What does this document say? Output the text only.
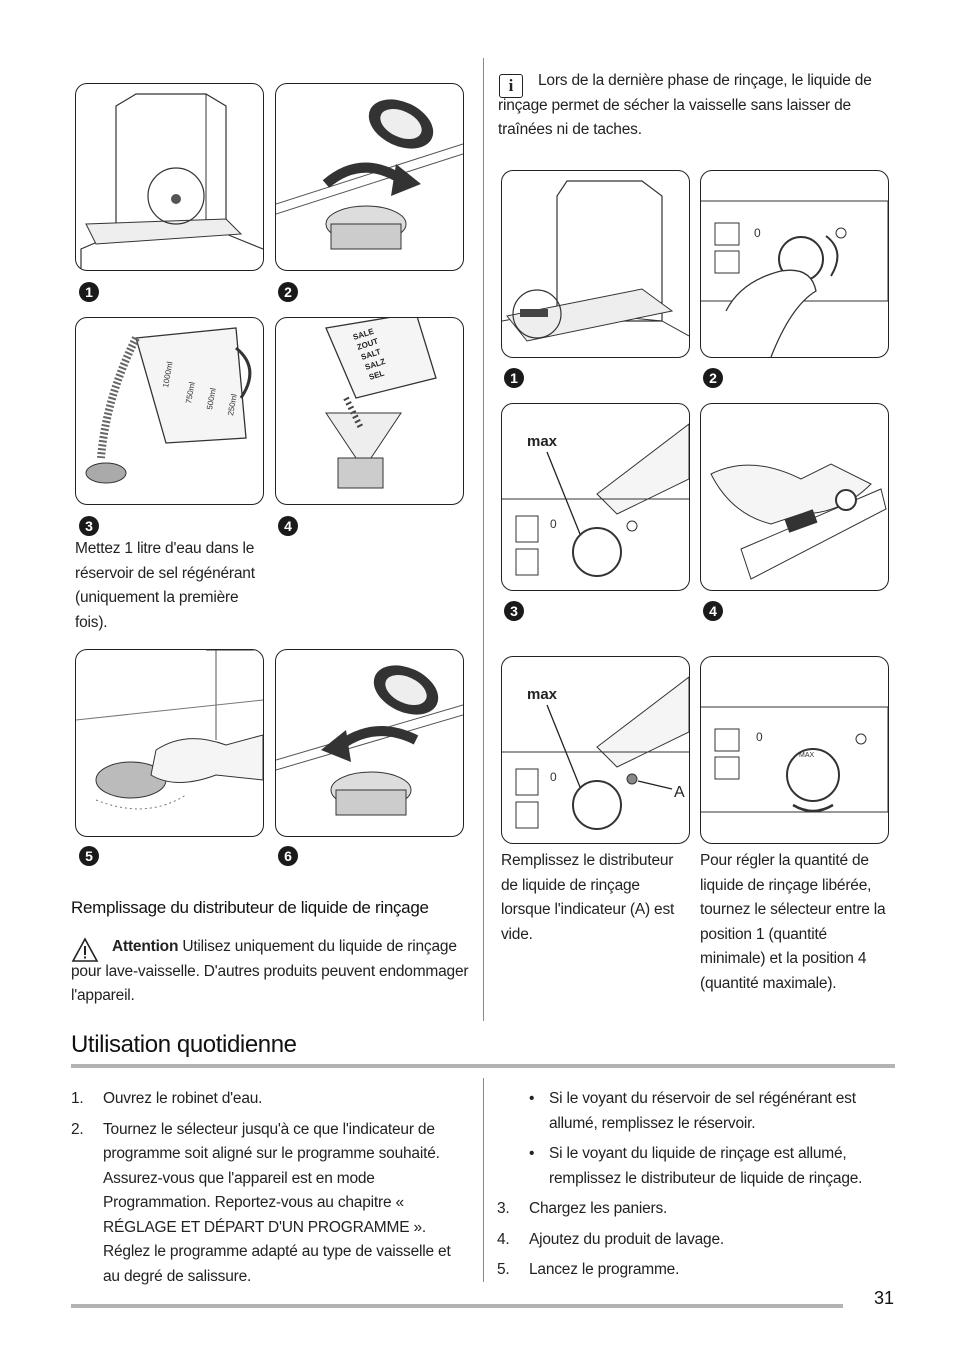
1	2
1000ml
750ml 500ml 250ml
3
SALE
ZOUT
SALT
SALZ
SEL
4
Mettez 1 litre d'eau dans le réservoir de sel régénérant (uniquement la première fois).
5	6
Remplissage du distributeur de liquide de rinçage
Attention Utilisez uniquement du liquide de rinçage pour lave-vaisselle. D'autres produits peuvent endommager l'appareil.
i	Lors de la dernière phase de rinçage, le liquide de rinçage permet de sécher la vaisselle sans laisser de traînées ni de taches.
1
0
2
max
0
3	4
max
0
A
0
MAX
Remplissez le distributeur de liquide de rinçage lorsque l'indicateur (A) est vide.
Pour régler la quantité de liquide de rinçage libérée, tournez le sélecteur entre la position 1 (quantité minimale) et la position 4 (quantité maximale).
Utilisation quotidienne
1. Ouvrez le robinet d'eau.
2. Tournez le sélecteur jusqu'à ce que l'indicateur de programme soit aligné sur le programme souhaité. Assurez-vous que l'appareil est en mode Programmation. Reportez-vous au chapitre « RÉGLAGE ET DÉPART D'UN PROGRAMME ». Réglez le programme adapté au type de vaisselle et au degré de salissure.
• Si le voyant du réservoir de sel régénérant est allumé, remplissez le réservoir.
• Si le voyant du liquide de rinçage est allumé, remplissez le distributeur de liquide de rinçage.
3. Chargez les paniers.
4. Ajoutez du produit de lavage.
5. Lancez le programme.
31
